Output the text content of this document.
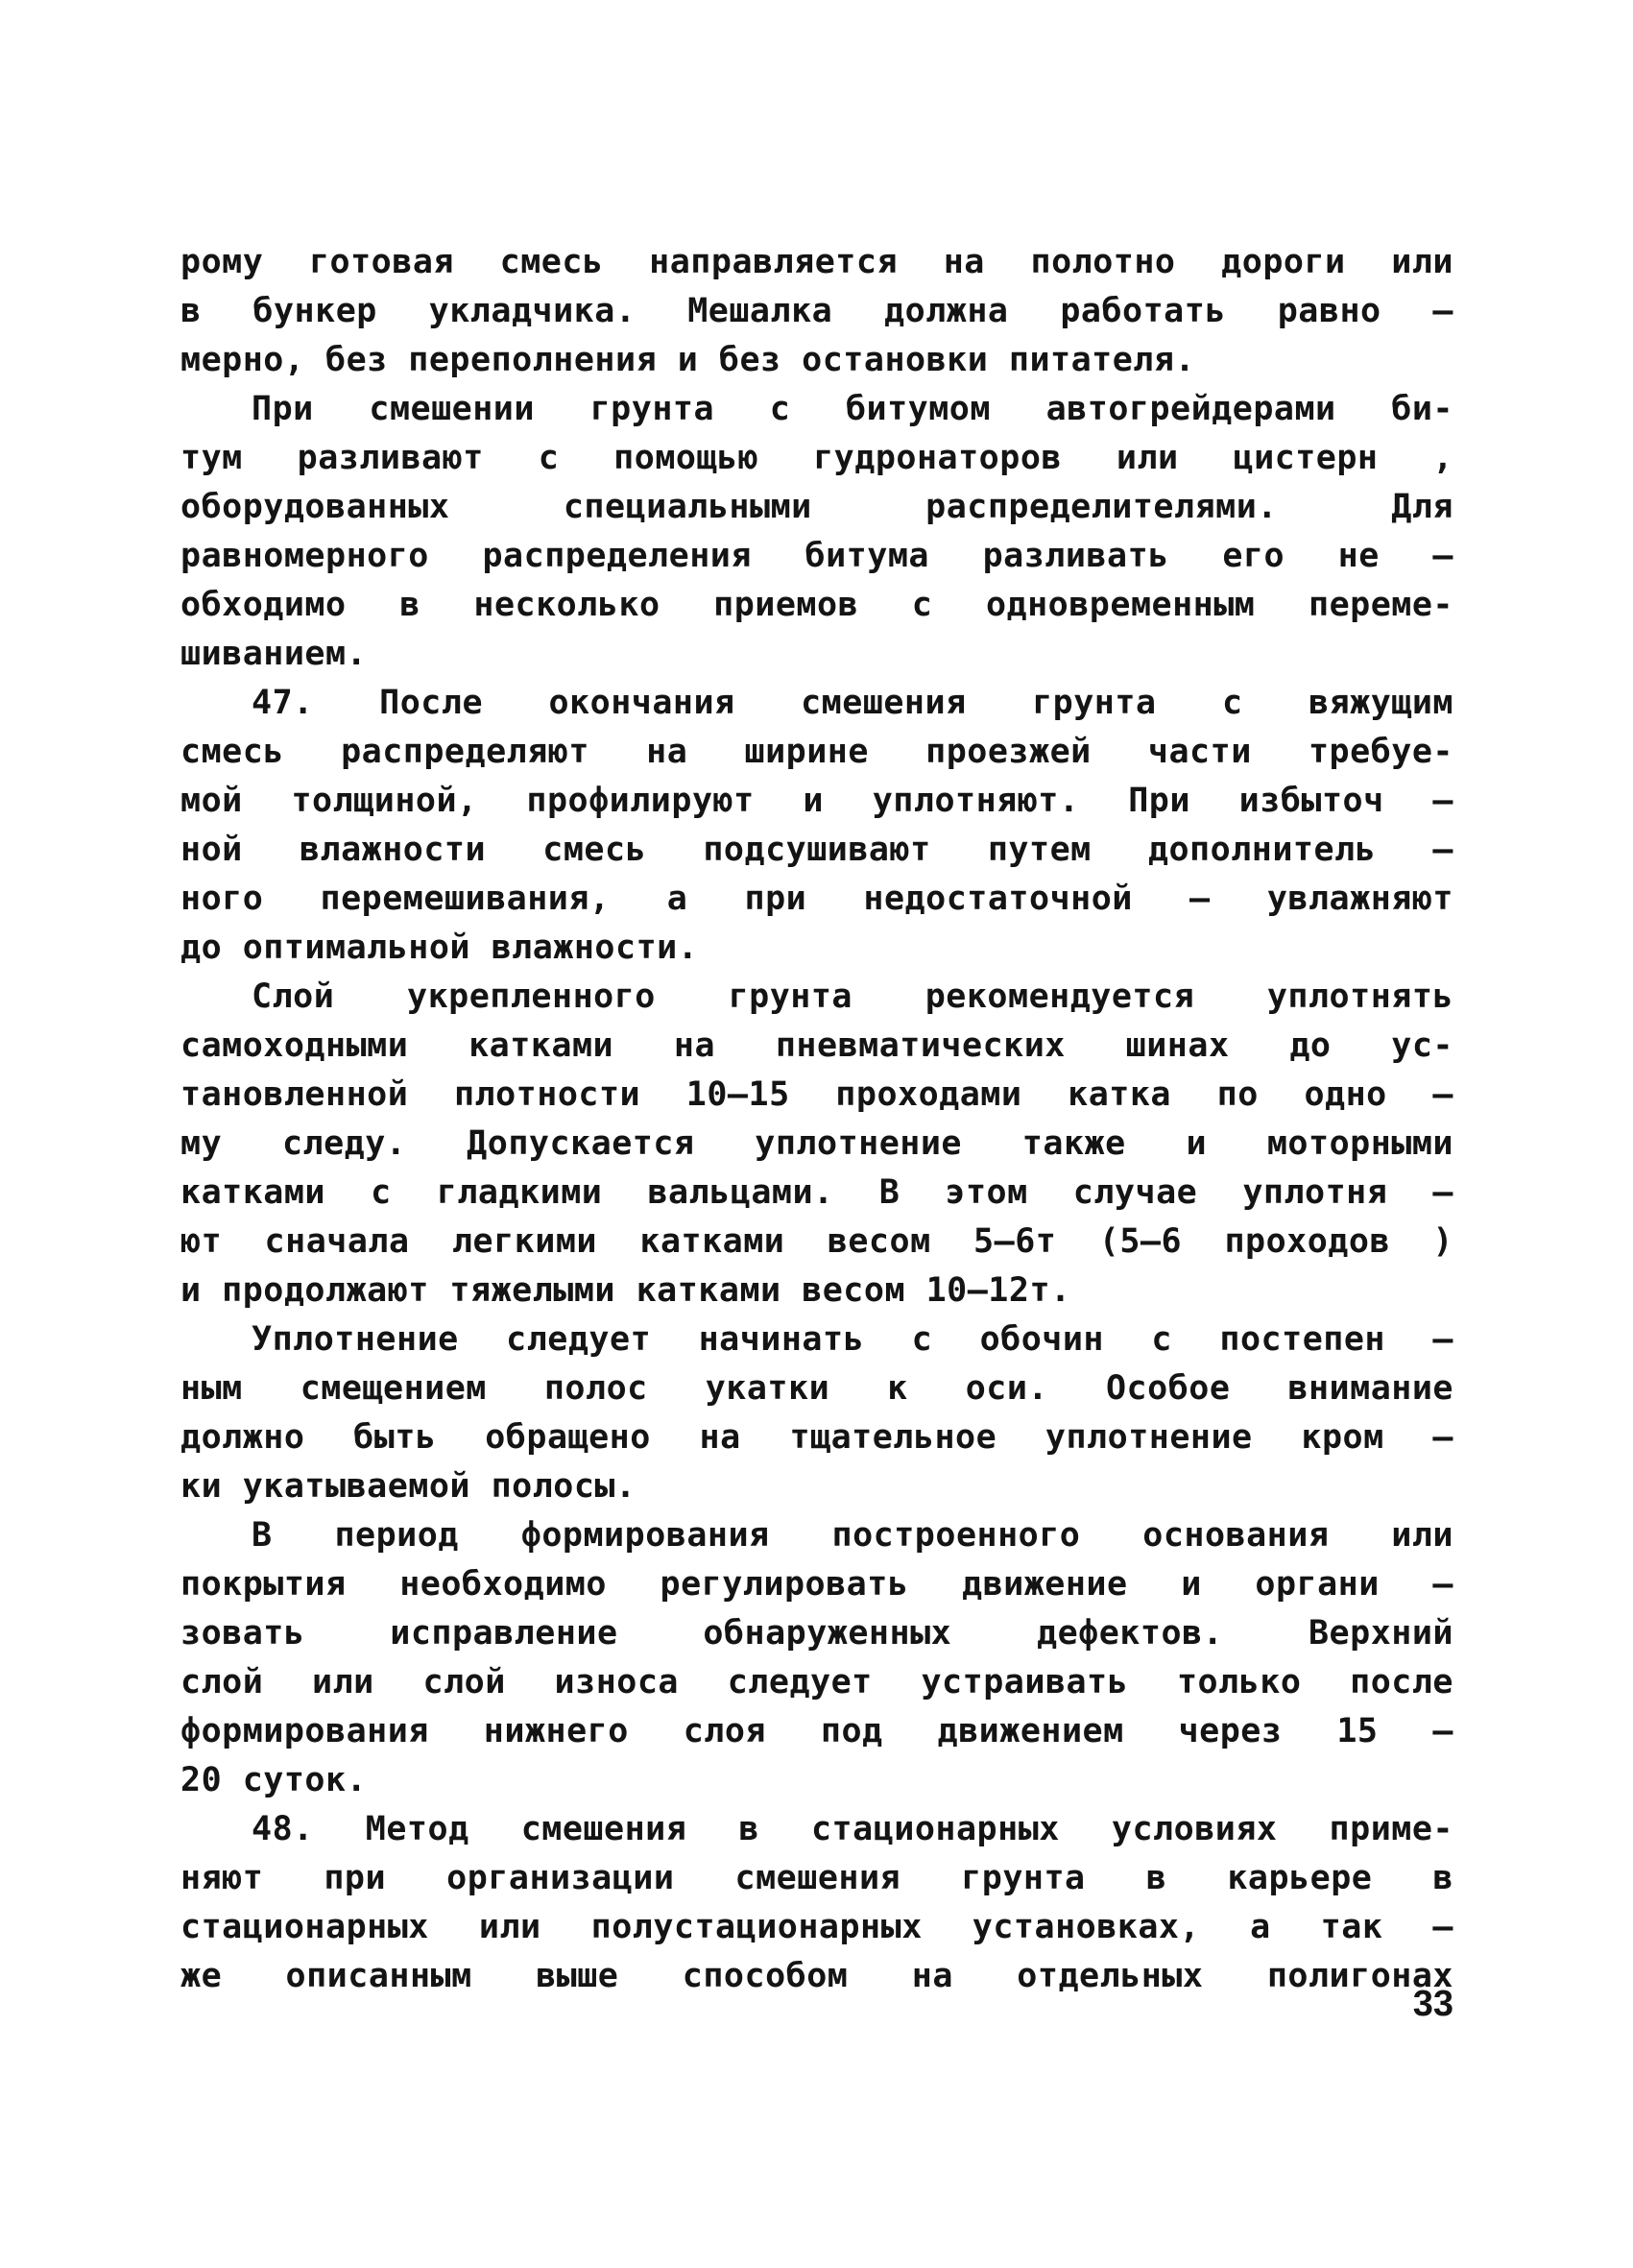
рому готовая смесь направляется на полотно дороги или
в бункер укладчика. Мешалка должна работать равно –
мерно, без переполнения и без остановки питателя.
При смешении грунта с битумом автогрейдерами би-
тум разливают с помощью гудронаторов или цистерн ,
оборудованных специальными распределителями. Для
равномерного распределения битума разливать его не –
обходимо в несколько приемов с одновременным переме-
шиванием.
47. После окончания смешения грунта с вяжущим
смесь распределяют на ширине проезжей части требуе-
мой толщиной, профилируют и уплотняют. При избыточ –
ной влажности смесь подсушивают путем дополнитель –
ного перемешивания, а при недостаточной – увлажняют
до оптимальной влажности.
Слой укрепленного грунта рекомендуется уплотнять
самоходными катками на пневматических шинах до ус-
тановленной плотности 10–15 проходами катка по одно –
му следу. Допускается уплотнение также и моторными
катками с гладкими вальцами. В этом случае уплотня –
ют сначала легкими катками весом 5–6т (5–6 проходов )
и продолжают тяжелыми катками весом 10–12т.
Уплотнение следует начинать с обочин с постепен –
ным смещением полос укатки к оси. Особое внимание
должно быть обращено на тщательное уплотнение кром –
ки укатываемой полосы.
В период формирования построенного основания или
покрытия необходимо регулировать движение и органи –
зовать исправление обнаруженных дефектов. Верхний
слой или слой износа следует устраивать только после
формирования нижнего слоя под движением через 15 –
20 суток.
48. Метод смешения в стационарных условиях приме-
няют при организации смешения грунта в карьере в
стационарных или полустационарных установках, а так –
же описанным выше способом на отдельных полигонах
33
